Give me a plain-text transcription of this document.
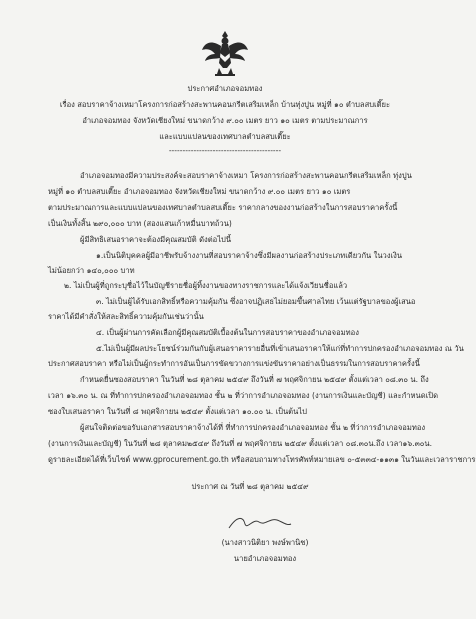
ประกาศอำเภอจอมทอง
เรื่อง สอบราคาจ้างเหมาโครงการก่อสร้างสะพานคอนกรีตเสริมเหล็ก บ้านทุ่งปูน หมู่ที่ ๑๐ ตำบลสบเตี๊ยะ
อำเภอจอมทอง จังหวัดเชียงใหม่ ขนาดกว้าง ๙.๐๐ เมตร ยาว ๑๐ เมตร ตามประมาณการ
และแบบแปลนของเทศบาลตำบลสบเตี๊ยะ
-----------------------------------------
อำเภอจอมทองมีความประสงค์จะสอบราคาจ้างเหมา โครงการก่อสร้างสะพานคอนกรีตเสริมเหล็ก ทุ่งปูน
หมู่ที่ ๑๐ ตำบลสบเตี๊ยะ อำเภอจอมทอง จังหวัดเชียงใหม่ ขนาดกว้าง ๙.๐๐ เมตร ยาว ๑๐ เมตร
ตามประมาณการและแบบแปลนของเทศบาลตำบลสบเตี๊ยะ ราคากลางของงานก่อสร้างในการสอบราคาครั้งนี้
เป็นเงินทั้งสิ้น ๒๙๐,๐๐๐ บาท (สองแสนเก้าหมื่นบาทถ้วน)
ผู้มีสิทธิเสนอราคาจะต้องมีคุณสมบัติ ดังต่อไปนี้
๑.เป็นนิติบุคคลผู้มีอาชีพรับจ้างงานที่สอบราคาจ้างซึ่งมีผลงานก่อสร้างประเภทเดียวกัน ในวงเงิน
ไม่น้อยกว่า ๑๔๐,๐๐๐ บาท
๒. ไม่เป็นผู้ที่ถูกระบุชื่อไว้ในบัญชีรายชื่อผู้ทิ้งงานของทางราชการและได้แจ้งเวียนชื่อแล้ว
๓. ไม่เป็นผู้ได้รับเอกสิทธิ์หรือความคุ้มกัน ซึ่งอาจปฏิเสธไม่ยอมขึ้นศาลไทย เว้นแต่รัฐบาลของผู้เสนอ
ราคาได้มีคำสั่งให้สละสิทธิ์ความคุ้มกันเช่นว่านั้น
๔. เป็นผู้ผ่านการคัดเลือกผู้มีคุณสมบัติเบื้องต้นในการสอบราคาของอำเภอจอมทอง
๕.ไม่เป็นผู้มีผลประโยชน์ร่วมกันกับผู้เสนอราคารายอื่นที่เข้าเสนอราคาให้แก่ที่ทำการปกครองอำเภอจอมทอง ณ วัน
ประกาศสอบราคา หรือไม่เป็นผู้กระทำการอันเป็นการขัดขวางการแข่งขันราคาอย่างเป็นธรรมในการสอบราคาครั้งนี้
กำหนดยื่นซองสอบราคา ในวันที่ ๒๘ ตุลาคม ๒๕๔๙ ถึงวันที่ ๗ พฤศจิกายน ๒๕๔๙ ตั้งแต่เวลา ๐๘.๓๐ น. ถึง
เวลา ๑๖.๓๐ น. ณ ที่ทำการปกครองอำเภอจอมทอง ชั้น ๒ ที่ว่าการอำเภอจอมทอง (งานการเงินและบัญชี) และกำหนดเปิด
ซองใบเสนอราคา ในวันที่ ๘ พฤศจิกายน ๒๕๔๙ ตั้งแต่เวลา ๑๐.๐๐ น. เป็นต้นไป
ผู้สนใจติดต่อขอรับเอกสารสอบราคาจ้างได้ที่ ที่ทำการปกครองอำเภอจอมทอง ชั้น ๒ ที่ว่าการอำเภอจอมทอง
(งานการเงินและบัญชี) ในวันที่ ๒๘ ตุลาคม๒๕๔๙ ถึงวันที่ ๗ พฤศจิกายน ๒๕๔๙ ตั้งแต่เวลา ๐๘.๓๐น.ถึง เวลา๑๖.๓๐น.
ดูรายละเอียดได้ที่เว็บไซต์ www.gprocurement.go.th หรือสอบถามทางโทรศัพท์หมายเลข ๐-๕๓๓๔-๑๑๓๑ ในวันและเวลาราชการ
ประกาศ ณ วันที่ ๒๘ ตุลาคม ๒๕๔๙
(นางสาวนิติยา พงษ์พานิช)
นายอำเภอจอมทอง
